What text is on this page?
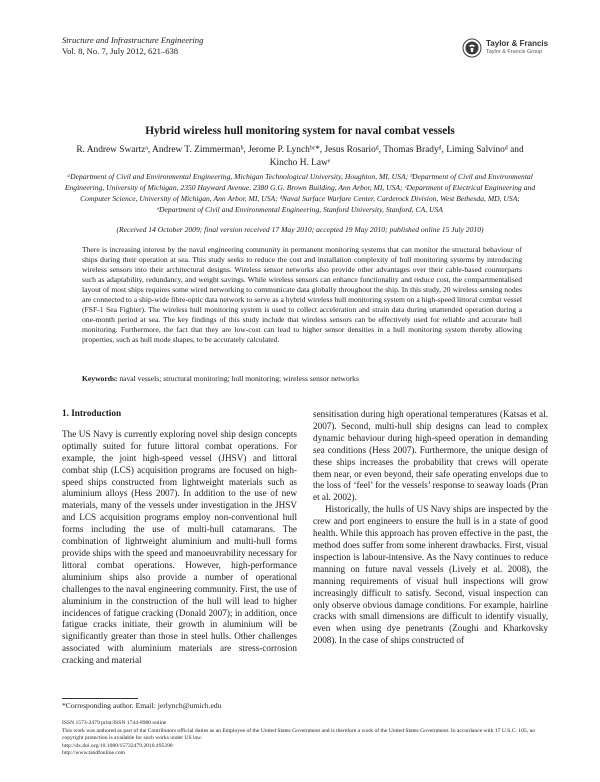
Structure and Infrastructure Engineering
Vol. 8, No. 7, July 2012, 621–638
Taylor & Francis
Taylor & Francis Group
Hybrid wireless hull monitoring system for naval combat vessels
R. Andrew Swartzᵃ, Andrew T. Zimmermanᵇ, Jerome P. Lynchᵇᶜ*, Jesus Rosarioᵈ, Thomas Bradyᵈ, Liming Salvinoᵈ and Kincho H. Lawᵉ
ᵃDepartment of Civil and Environmental Engineering, Michigan Technological University, Houghton, MI, USA; ᵇDepartment of Civil and Environmental Engineering, University of Michigan, 2350 Hayward Avenue, 2380 G.G. Brown Building, Ann Arbor, MI, USA; ᶜDepartment of Electrical Engineering and Computer Science, University of Michigan, Ann Arbor, MI, USA; ᵈNaval Surface Warfare Center, Carderock Division, West Bethesda, MD, USA; ᵉDepartment of Civil and Environmental Engineering, Stanford University, Stanford, CA, USA
(Received 14 October 2009; final version received 17 May 2010; accepted 19 May 2010; published online 15 July 2010)
There is increasing interest by the naval engineering community in permanent monitoring systems that can monitor the structural behaviour of ships during their operation at sea. This study seeks to reduce the cost and installation complexity of hull monitoring systems by introducing wireless sensors into their architectural designs. Wireless sensor networks also provide other advantages over their cable-based counterparts such as adaptability, redundancy, and weight savings. While wireless sensors can enhance functionality and reduce cost, the compartmentalised layout of most ships requires some wired networking to communicate data globally throughout the ship. In this study, 20 wireless sensing nodes are connected to a ship-wide fibre-optic data network to serve as a hybrid wireless hull monitoring system on a high-speed littoral combat vessel (FSF-1 Sea Fighter). The wireless hull monitoring system is used to collect acceleration and strain data during unattended operation during a one-month period at sea. The key findings of this study include that wireless sensors can be effectively used for reliable and accurate hull monitoring. Furthermore, the fact that they are low-cost can lead to higher sensor densities in a hull monitoring system thereby allowing properties, such as hull mode shapes, to be accurately calculated.
Keywords: naval vessels; structural monitoring; hull monitoring; wireless sensor networks
1. Introduction

The US Navy is currently exploring novel ship design concepts optimally suited for future littoral combat operations. For example, the joint high-speed vessel (JHSV) and littoral combat ship (LCS) acquisition programs are focused on high-speed ships constructed from lightweight materials such as aluminium alloys (Hess 2007). In addition to the use of new materials, many of the vessels under investigation in the JHSV and LCS acquisition programs employ non-conventional hull forms including the use of multi-hull catamarans. The combination of lightweight aluminium and multi-hull forms provide ships with the speed and manoeuvrability necessary for littoral combat operations. However, high-performance aluminium ships also provide a number of operational challenges to the naval engineering community. First, the use of aluminium in the construction of the hull will lead to higher incidences of fatigue cracking (Donald 2007); in addition, once fatigue cracks initiate, their growth in aluminium will be significantly greater than those in steel hulls. Other challenges associated with aluminium materials are stress-corrosion cracking and material

sensitisation during high operational temperatures (Katsas et al. 2007). Second, multi-hull ship designs can lead to complex dynamic behaviour during high-speed operation in demanding sea conditions (Hess 2007). Furthermore, the unique design of these ships increases the probability that crews will operate them near, or even beyond, their safe operating envelops due to the loss of ‘feel’ for the vessels’ response to seaway loads (Pran et al. 2002).

Historically, the hulls of US Navy ships are inspected by the crew and port engineers to ensure the hull is in a state of good health. While this approach has proven effective in the past, the method does suffer from some inherent drawbacks. First, visual inspection is labour-intensive. As the Navy continues to reduce manning on future naval vessels (Lively et al. 2008), the manning requirements of visual hull inspections will grow increasingly difficult to satisfy. Second, visual inspection can only observe obvious damage conditions. For example, hairline cracks with small dimensions are difficult to identify visually, even when using dye penetrants (Zoughi and Kharkovsky 2008). In the case of ships constructed of

*Corresponding author. Email: jerlynch@umich.edu
ISSN 1573-2479 print/ISSN 1744-8980 online
This work was authored as part of the Contributors official duties as an Employee of the United States Government and is therefore a work of the United States Government. In accordance with 17 U.S.C. 105, no copyright protection is available for such works under US law.
http://dx.doi.org/10.1080/15732479.2010.495398
http://www.tandfonline.com
